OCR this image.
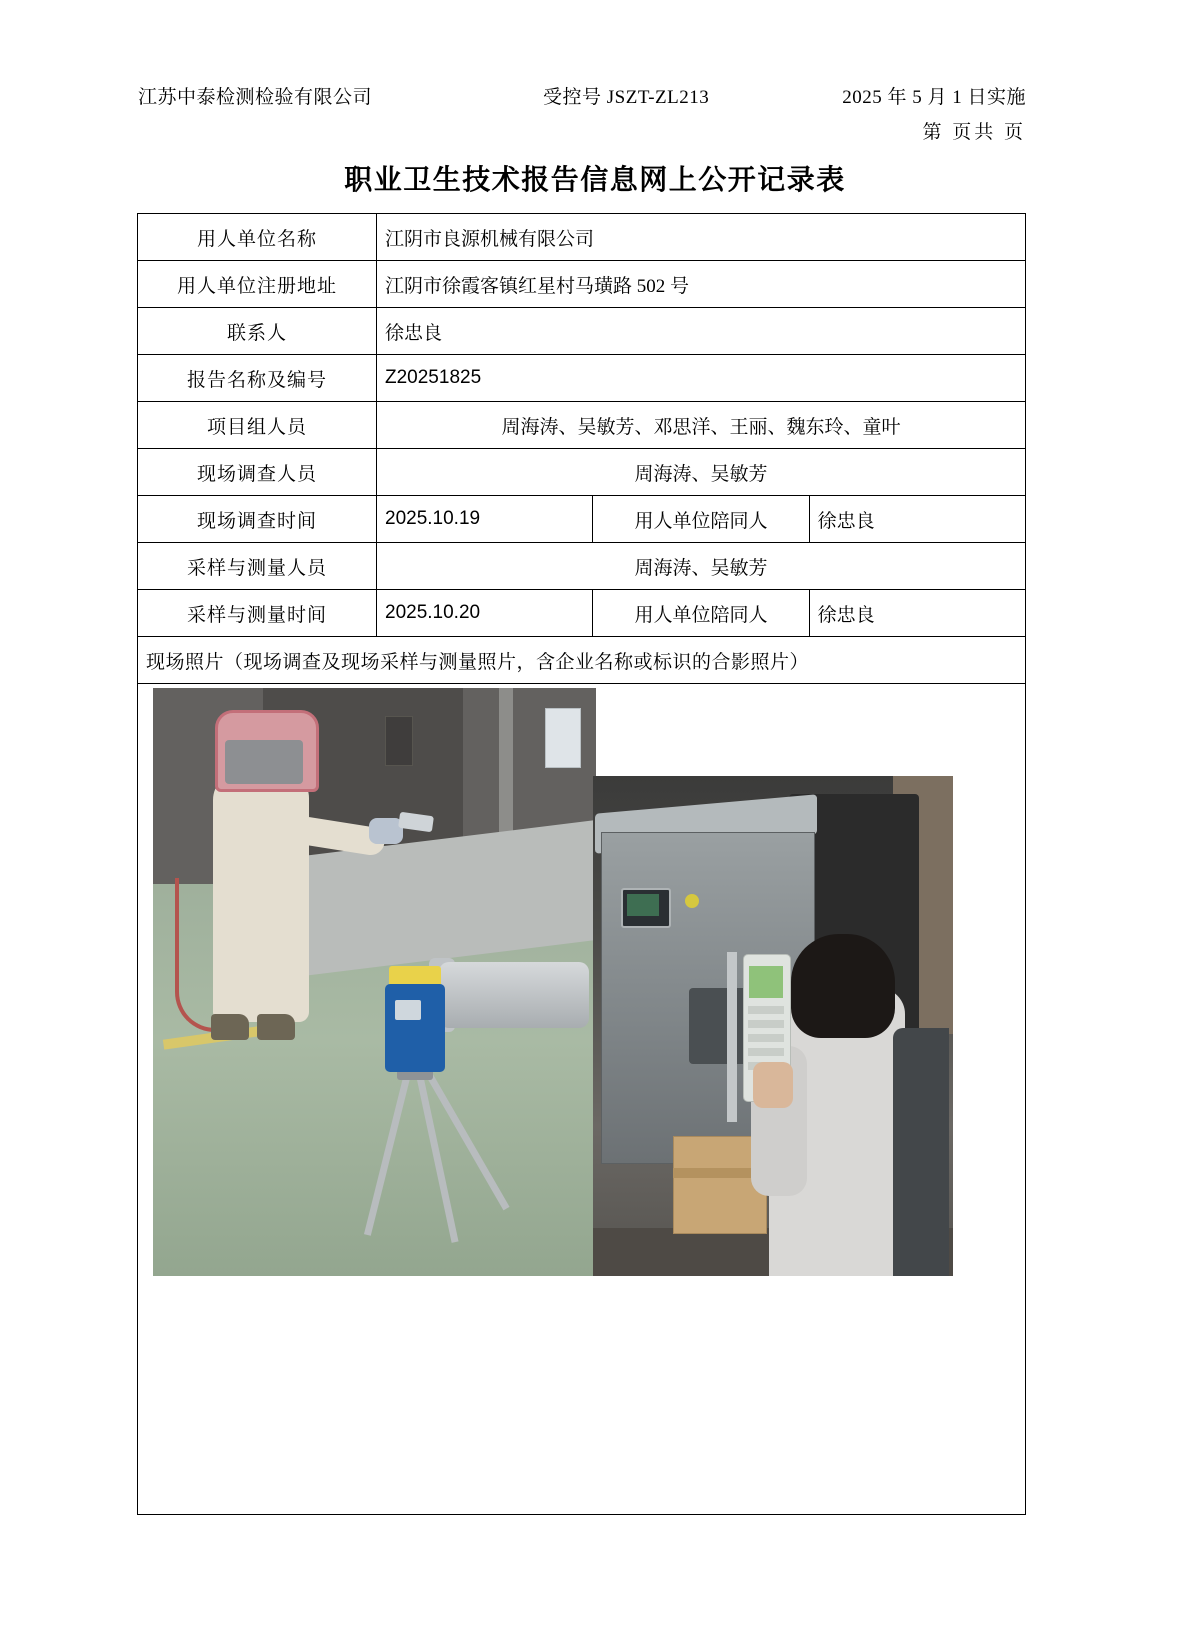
江苏中泰检测检验有限公司	受控号 JSZT-ZL213	2025 年 5 月 1 日实施
第 页共 页
职业卫生技术报告信息网上公开记录表
用人单位名称	江阴市良源机械有限公司		
用人单位注册地址	江阴市徐霞客镇红星村马璜路 502 号		
联系人	徐忠良		
报告名称及编号	Z20251825		
项目组人员	周海涛、吴敏芳、邓思洋、王丽、魏东玲、童叶		
现场调查人员	周海涛、吴敏芳		
现场调查时间	2025.10.19	用人单位陪同人	徐忠良
采样与测量人员	周海涛、吴敏芳		
采样与测量时间	2025.10.20	用人单位陪同人	徐忠良
现场照片（现场调查及现场采样与测量照片，含企业名称或标识的合影照片）			
